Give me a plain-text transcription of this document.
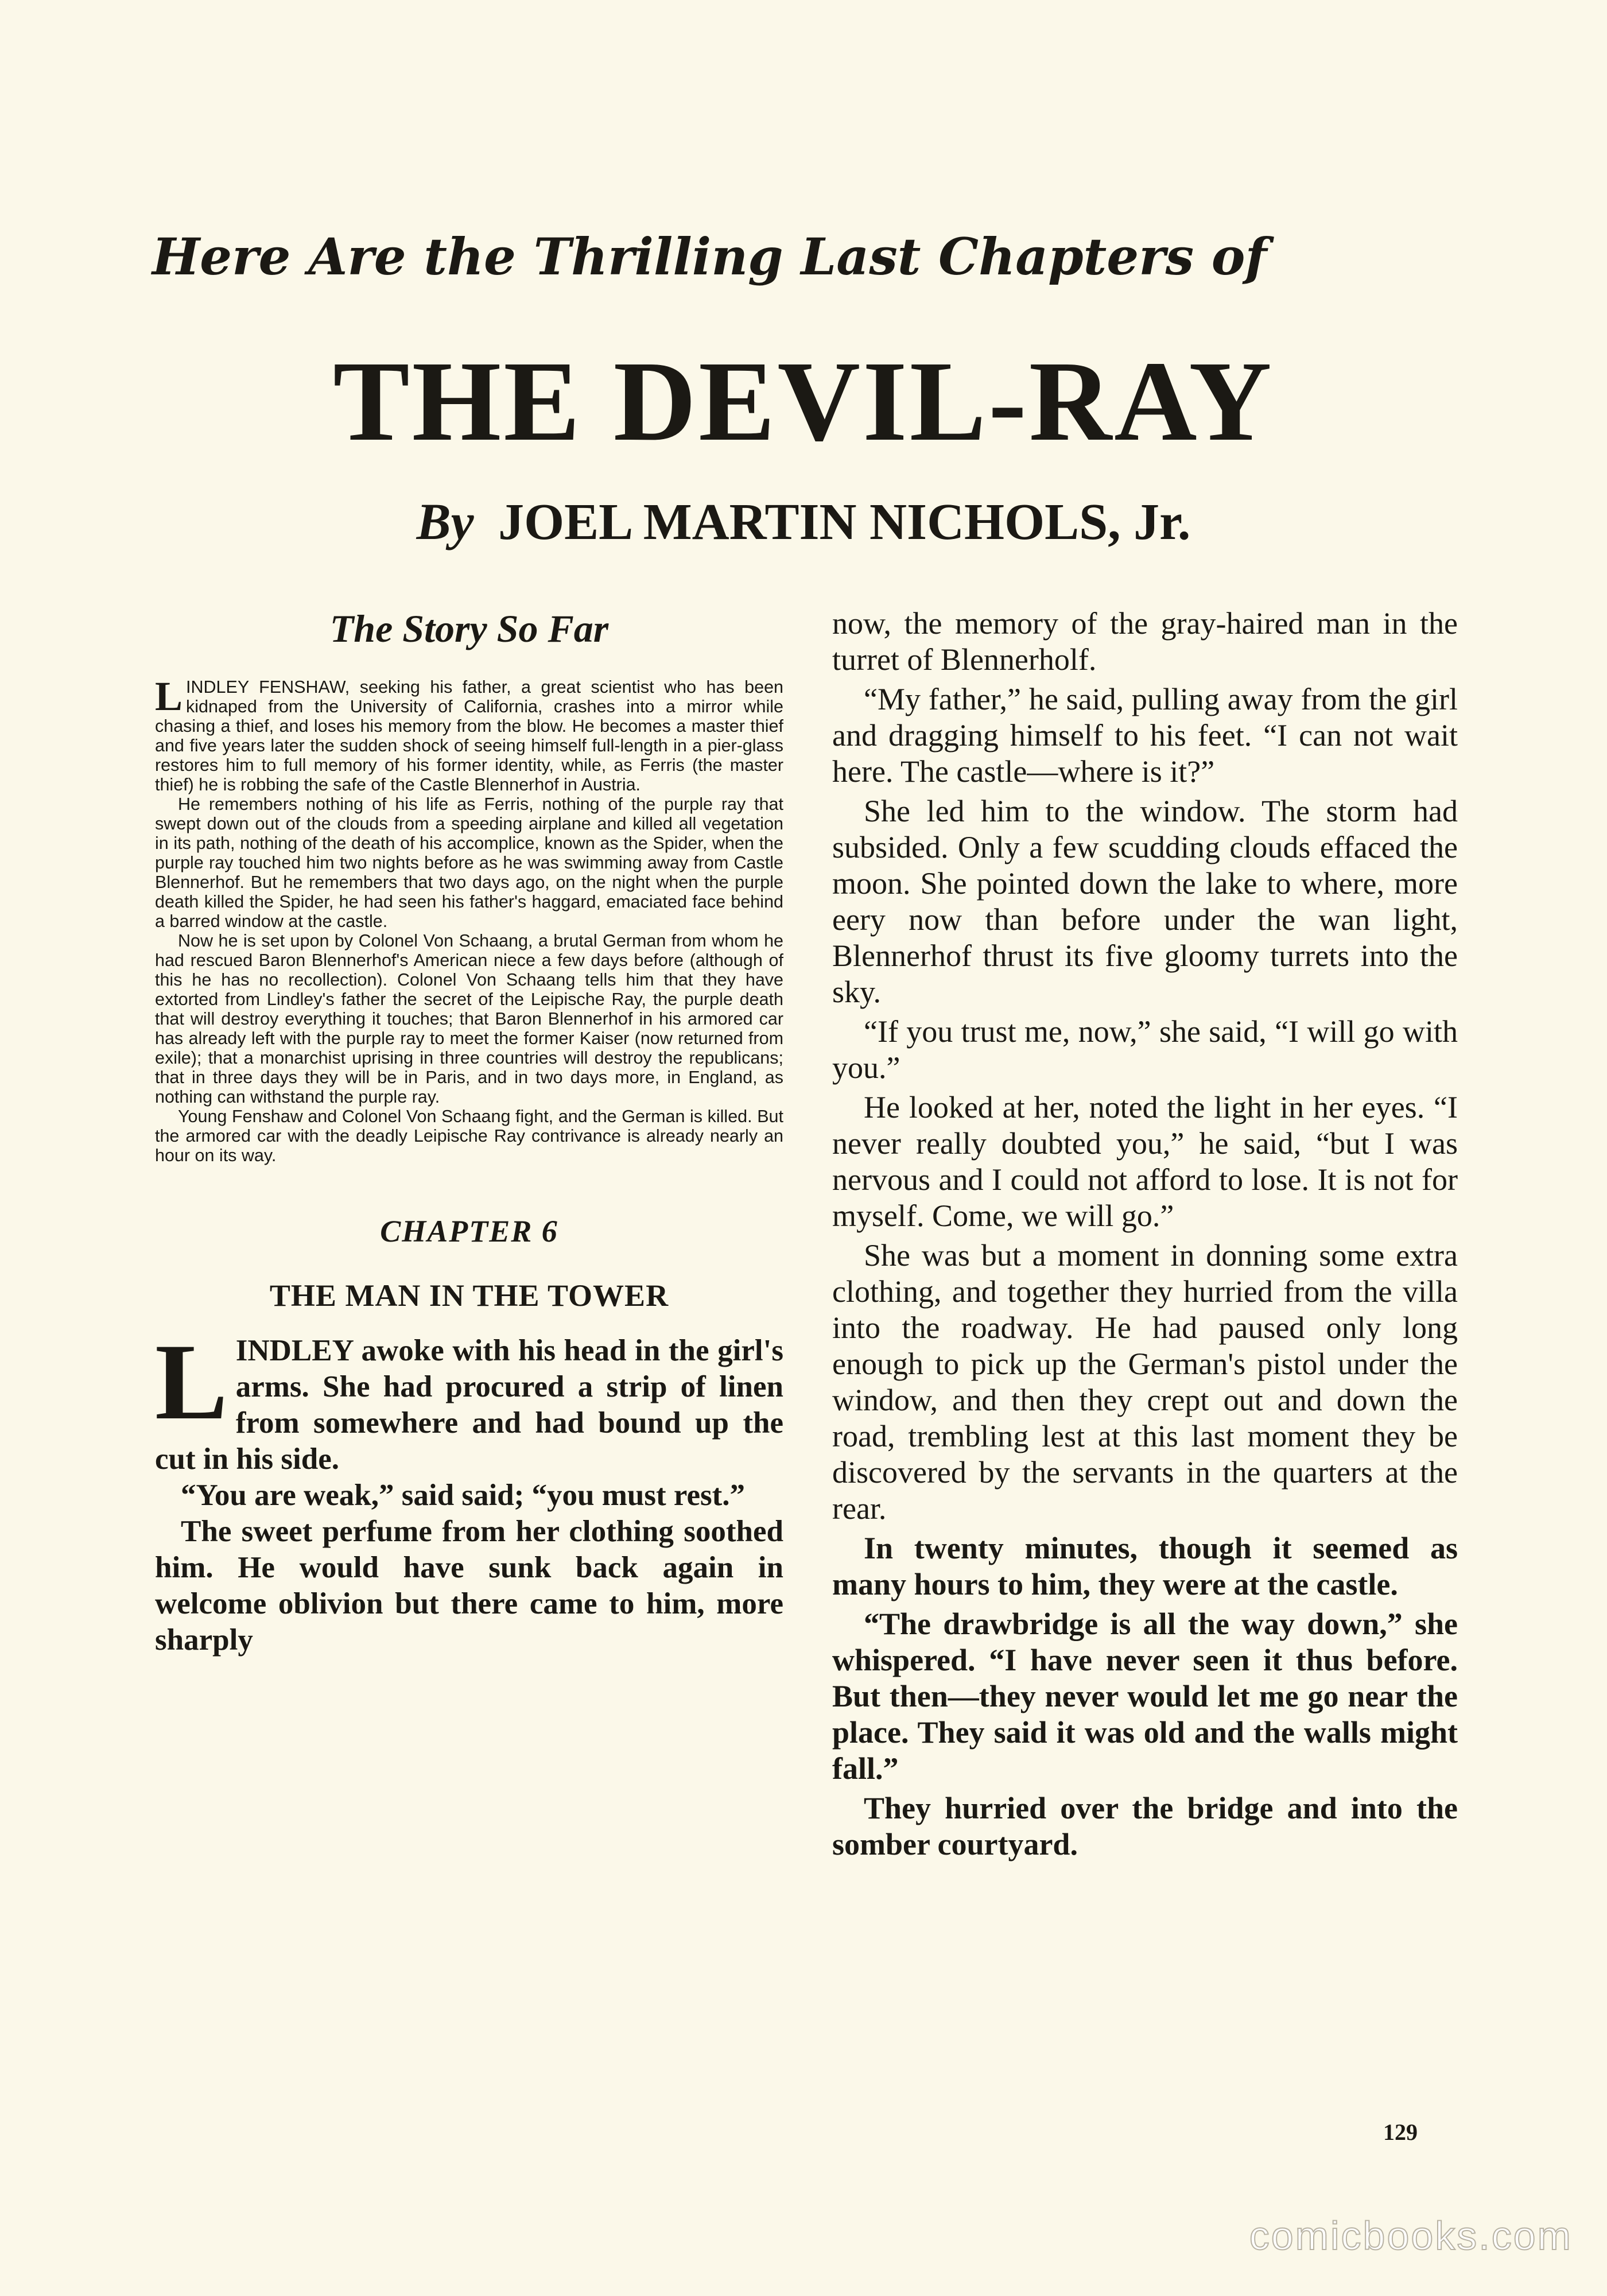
Here Are the Thrilling Last Chapters of
THE DEVIL-RAY
By JOEL MARTIN NICHOLS, Jr.
The Story So Far

LINDLEY FENSHAW, seeking his father, a great scientist who has been kidnaped from the University of California, crashes into a mirror while chasing a thief, and loses his memory from the blow. He becomes a master thief and five years later the sudden shock of seeing himself full-length in a pier-glass restores him to full memory of his former identity, while, as Ferris (the master thief) he is robbing the safe of the Castle Blennerhof in Austria.

He remembers nothing of his life as Ferris, nothing of the purple ray that swept down out of the clouds from a speeding airplane and killed all vegetation in its path, nothing of the death of his accomplice, known as the Spider, when the purple ray touched him two nights before as he was swimming away from Castle Blennerhof. But he remembers that two days ago, on the night when the purple death killed the Spider, he had seen his father's haggard, emaciated face behind a barred window at the castle.

Now he is set upon by Colonel Von Schaang, a brutal German from whom he had rescued Baron Blennerhof's American niece a few days before (although of this he has no recollection). Colonel Von Schaang tells him that they have extorted from Lindley's father the secret of the Leipische Ray, the purple death that will destroy everything it touches; that Baron Blennerhof in his armored car has already left with the purple ray to meet the former Kaiser (now returned from exile); that a monarchist uprising in three countries will destroy the republicans; that in three days they will be in Paris, and in two days more, in England, as nothing can withstand the purple ray.

Young Fenshaw and Colonel Von Schaang fight, and the German is killed. But the armored car with the deadly Leipische Ray contrivance is already nearly an hour on its way.

CHAPTER 6
THE MAN IN THE TOWER

LINDLEY awoke with his head in the girl's arms. She had procured a strip of linen from somewhere and had bound up the cut in his side.

“You are weak,” said said; “you must rest.”

The sweet perfume from her clothing soothed him. He would have sunk back again in welcome oblivion but there came to him, more sharply

now, the memory of the gray-haired man in the turret of Blennerholf.

“My father,” he said, pulling away from the girl and dragging himself to his feet. “I can not wait here. The castle—where is it?”

She led him to the window. The storm had subsided. Only a few scudding clouds effaced the moon. She pointed down the lake to where, more eery now than before under the wan light, Blennerhof thrust its five gloomy turrets into the sky.

“If you trust me, now,” she said, “I will go with you.”

He looked at her, noted the light in her eyes. “I never really doubted you,” he said, “but I was nervous and I could not afford to lose. It is not for myself. Come, we will go.”

She was but a moment in donning some extra clothing, and together they hurried from the villa into the roadway. He had paused only long enough to pick up the German's pistol under the window, and then they crept out and down the road, trembling lest at this last moment they be discovered by the servants in the quarters at the rear.

In twenty minutes, though it seemed as many hours to him, they were at the castle.

“The drawbridge is all the way down,” she whispered. “I have never seen it thus before. But then—they never would let me go near the place. They said it was old and the walls might fall.”

They hurried over the bridge and into the somber courtyard.

129
comicbooks.com
